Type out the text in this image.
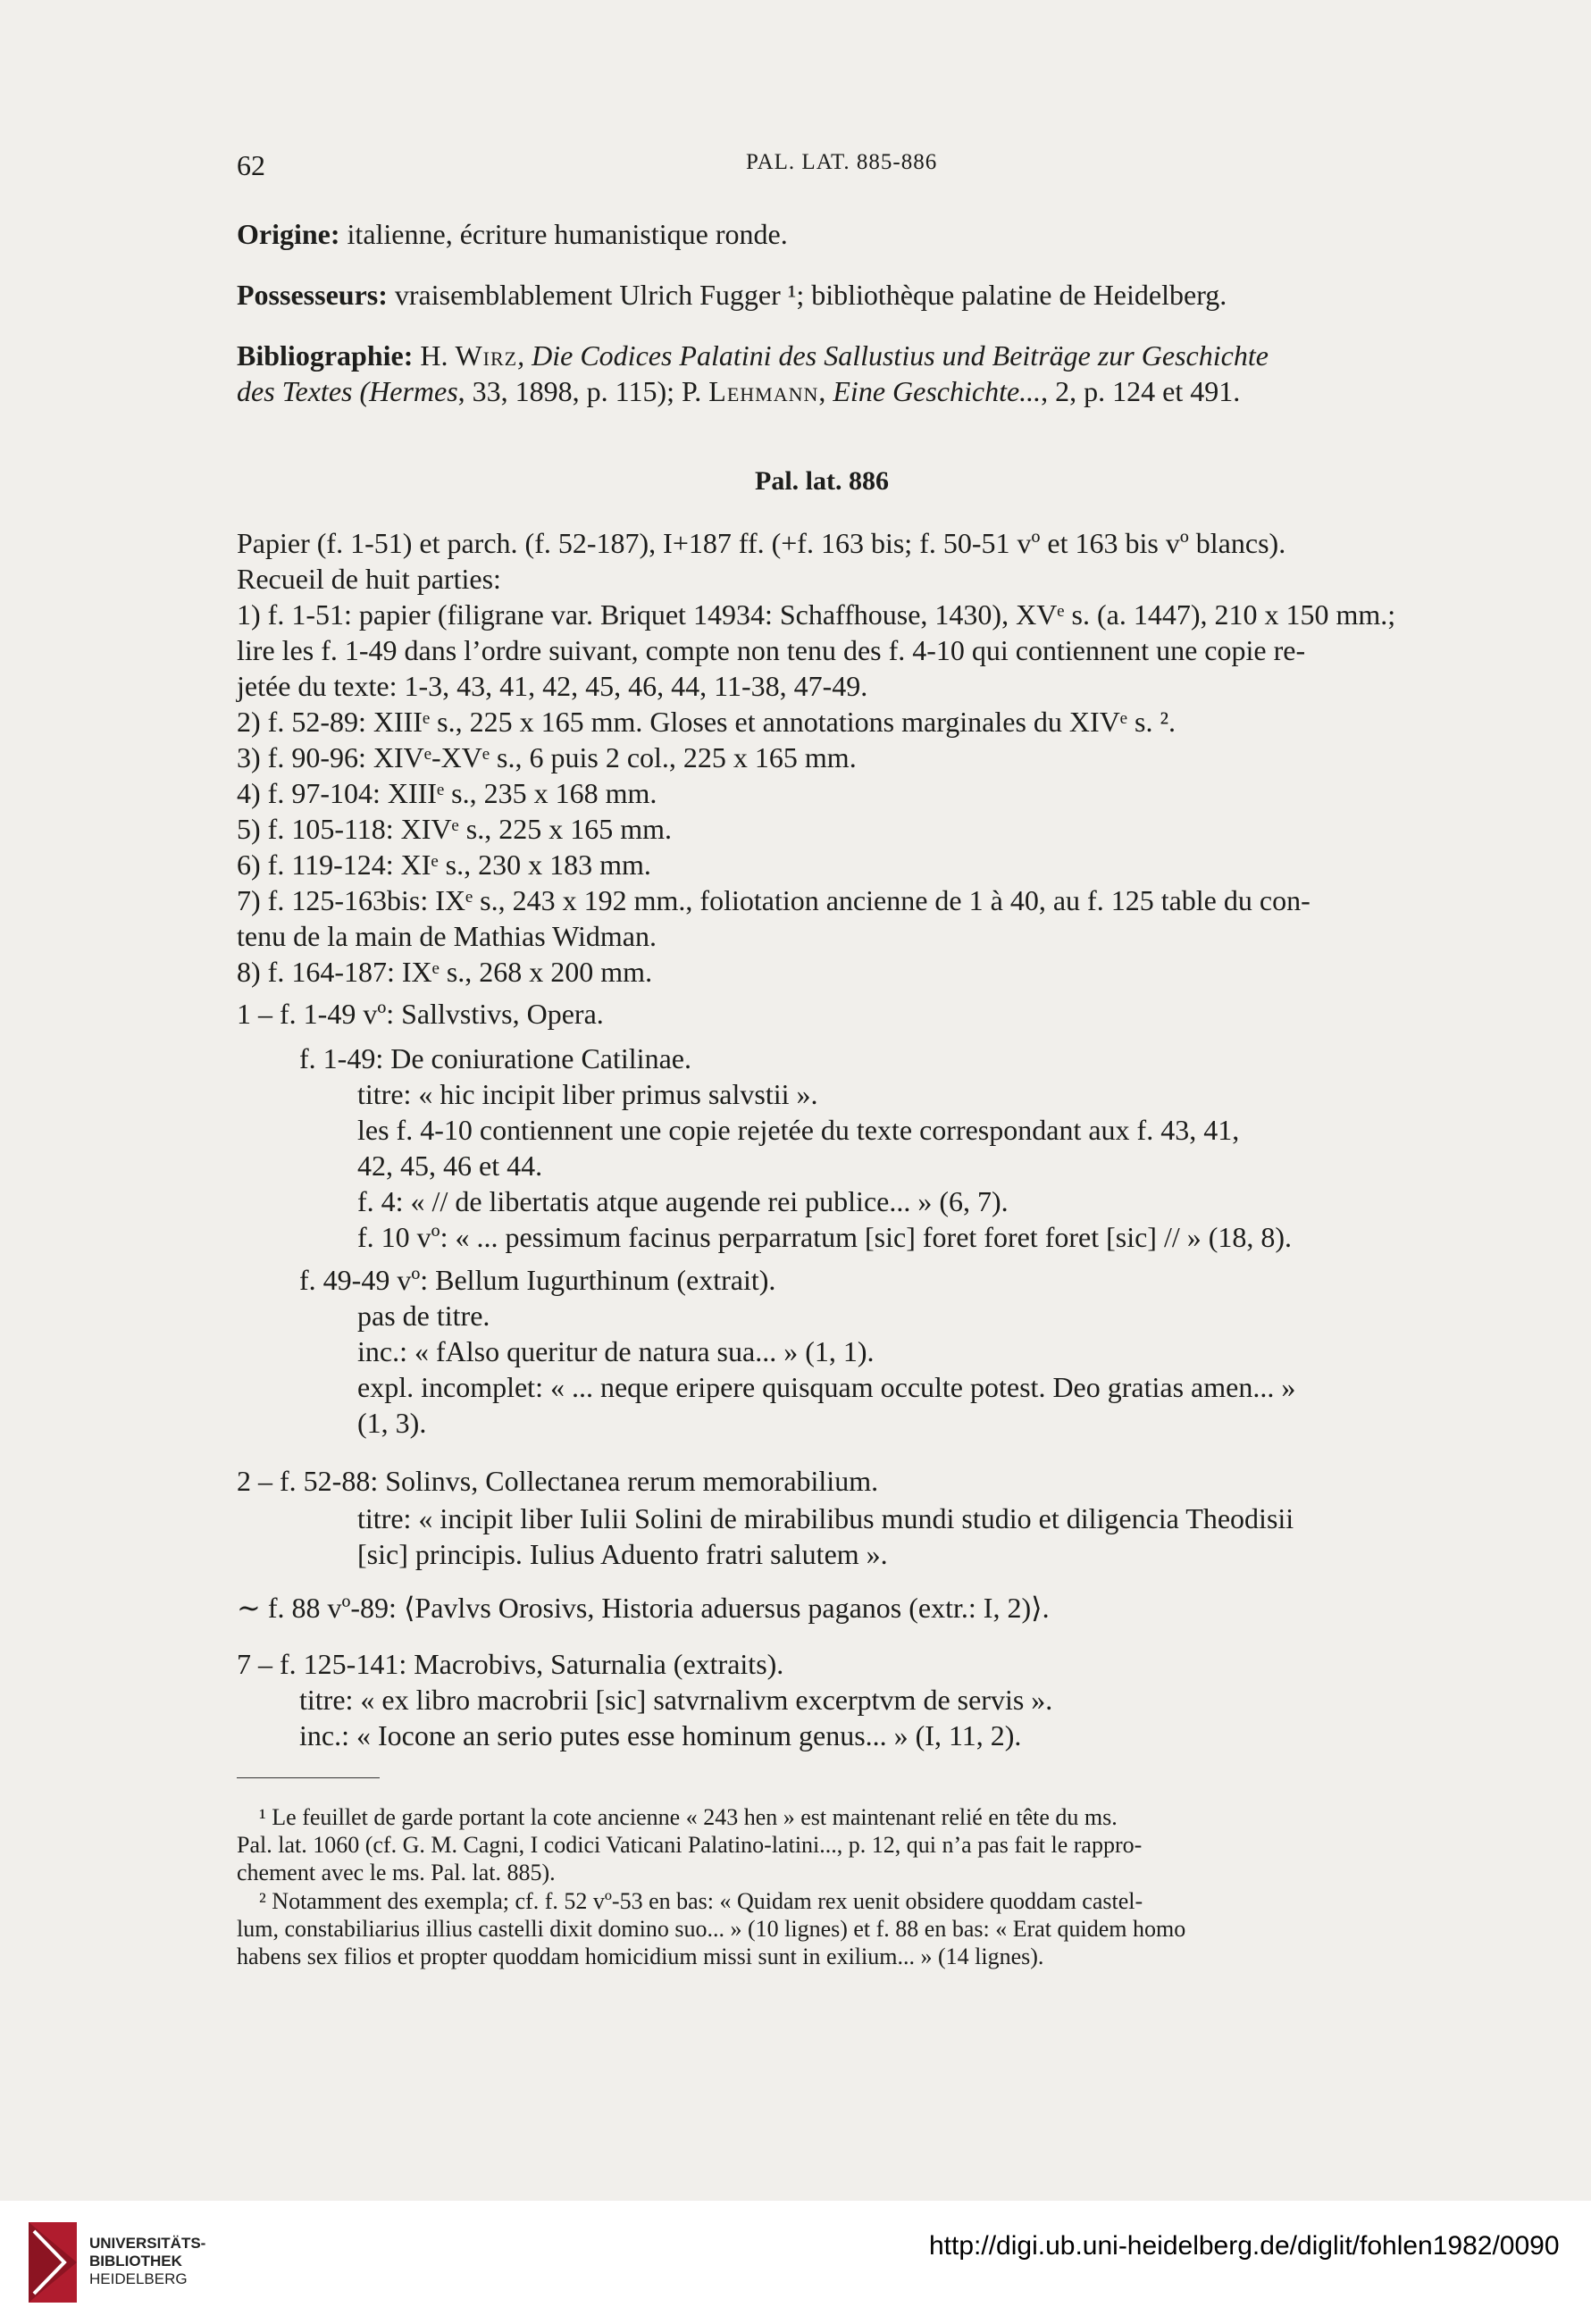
62	PAL. LAT. 885-886
Origine: italienne, écriture humanistique ronde.
Possesseurs: vraisemblablement Ulrich Fugger ¹; bibliothèque palatine de Heidelberg.
Bibliographie: H. Wirz, Die Codices Palatini des Sallustius und Beiträge zur Geschichte
des Textes (Hermes, 33, 1898, p. 115); P. Lehmann, Eine Geschichte..., 2, p. 124 et 491.
Pal. lat. 886
Papier (f. 1-51) et parch. (f. 52-187), I+187 ff. (+f. 163 bis; f. 50-51 vº et 163 bis vº blancs).
Recueil de huit parties:
1) f. 1-51: papier (filigrane var. Briquet 14934: Schaffhouse, 1430), XVᵉ s. (a. 1447), 210 x 150 mm.;
lire les f. 1-49 dans l’ordre suivant, compte non tenu des f. 4-10 qui contiennent une copie re-
jetée du texte: 1-3, 43, 41, 42, 45, 46, 44, 11-38, 47-49.
2) f. 52-89: XIIIᵉ s., 225 x 165 mm. Gloses et annotations marginales du XIVᵉ s. ².
3) f. 90-96: XIVᵉ-XVᵉ s., 6 puis 2 col., 225 x 165 mm.
4) f. 97-104: XIIIᵉ s., 235 x 168 mm.
5) f. 105-118: XIVᵉ s., 225 x 165 mm.
6) f. 119-124: XIᵉ s., 230 x 183 mm.
7) f. 125-163bis: IXᵉ s., 243 x 192 mm., foliotation ancienne de 1 à 40, au f. 125 table du con-
tenu de la main de Mathias Widman.
8) f. 164-187: IXᵉ s., 268 x 200 mm.
1 – f. 1-49 vº: Sallvstivs, Opera.
f. 1-49: De coniuratione Catilinae.
titre: « hic incipit liber primus salvstii ».
les f. 4-10 contiennent une copie rejetée du texte correspondant aux f. 43, 41,
42, 45, 46 et 44.
f. 4: « // de libertatis atque augende rei publice... » (6, 7).
f. 10 vº: « ... pessimum facinus perparratum [sic] foret foret foret [sic] // » (18, 8).
f. 49-49 vº: Bellum Iugurthinum (extrait).
pas de titre.
inc.: « fAlso queritur de natura sua... » (1, 1).
expl. incomplet: « ... neque eripere quisquam occulte potest. Deo gratias amen... »
(1, 3).
2 – f. 52-88: Solinvs, Collectanea rerum memorabilium.
titre: « incipit liber Iulii Solini de mirabilibus mundi studio et diligencia Theodisii
[sic] principis. Iulius Aduento fratri salutem ».
∼ f. 88 vº-89: ⟨Pavlvs Orosivs, Historia aduersus paganos (extr.: I, 2)⟩.
7 – f. 125-141: Macrobivs, Saturnalia (extraits).
titre: « ex libro macrobrii [sic] satvrnalivm excerptvm de servis ».
inc.: « Iocone an serio putes esse hominum genus... » (I, 11, 2).
¹ Le feuillet de garde portant la cote ancienne « 243 hen » est maintenant relié en tête du ms.
Pal. lat. 1060 (cf. G. M. Cagni, I codici Vaticani Palatino-latini..., p. 12, qui n’a pas fait le rappro-
chement avec le ms. Pal. lat. 885).
² Notamment des exempla; cf. f. 52 vº-53 en bas: « Quidam rex uenit obsidere quoddam castel-
lum, constabiliarius illius castelli dixit domino suo... » (10 lignes) et f. 88 en bas: « Erat quidem homo
habens sex filios et propter quoddam homicidium missi sunt in exilium... » (14 lignes).
UNIVERSITÄTS-
BIBLIOTHEK
HEIDELBERG
http://digi.ub.uni-heidelberg.de/diglit/fohlen1982/0090
